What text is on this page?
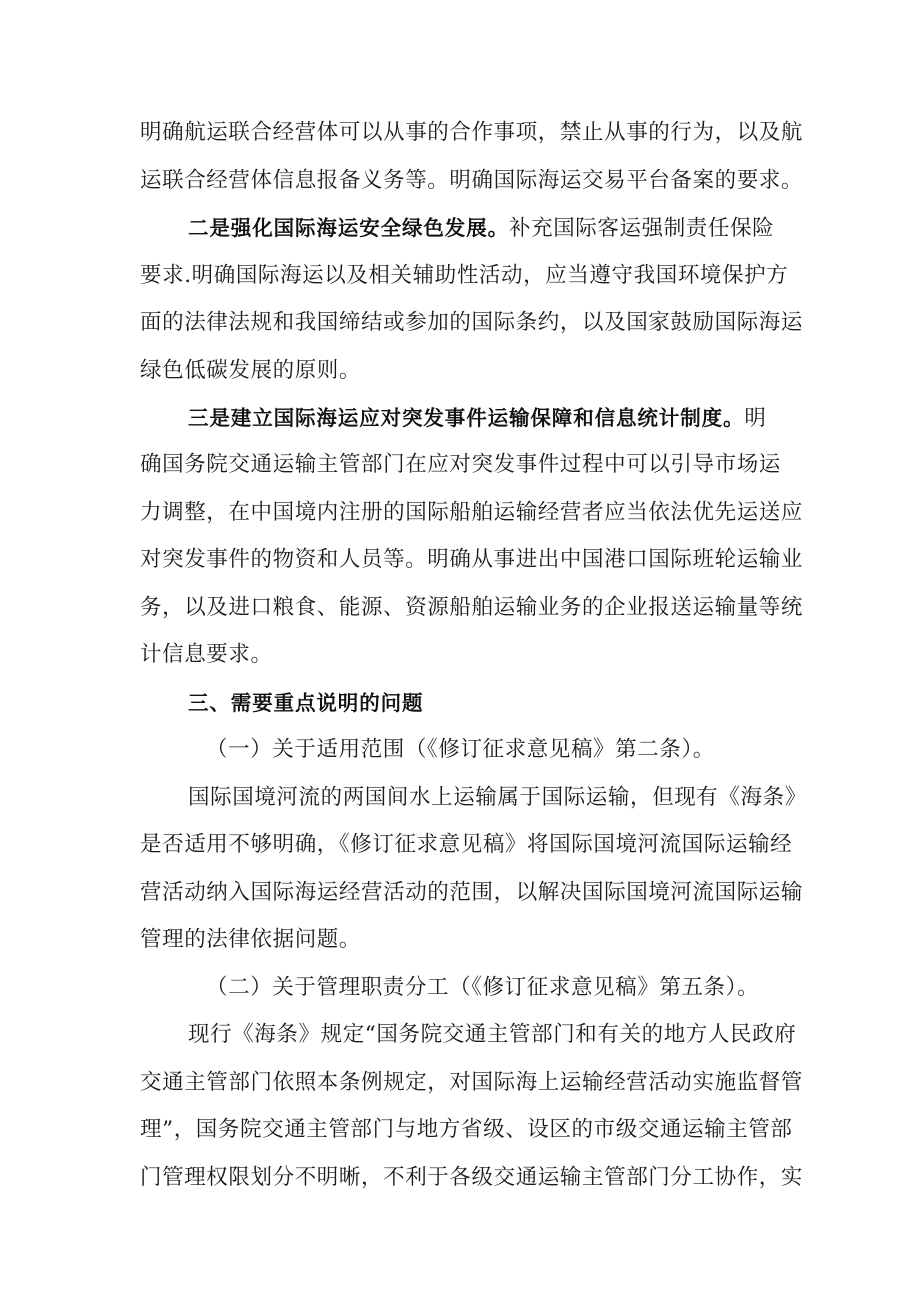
明确航运联合经营体可以从事的合作事项，禁止从事的行为，以及航
运联合经营体信息报备义务等。明确国际海运交易平台备案的要求。
二是强化国际海运安全绿色发展。补充国际客运强制责任保险
要求.明确国际海运以及相关辅助性活动，应当遵守我国环境保护方
面的法律法规和我国缔结或参加的国际条约，以及国家鼓励国际海运
绿色低碳发展的原则。
三是建立国际海运应对突发事件运输保障和信息统计制度。明
确国务院交通运输主管部门在应对突发事件过程中可以引导市场运
力调整，在中国境内注册的国际船舶运输经营者应当依法优先运送应
对突发事件的物资和人员等。明确从事进出中国港口国际班轮运输业
务，以及进口粮食、能源、资源船舶运输业务的企业报送运输量等统
计信息要求。
三、需要重点说明的问题
（一）关于适用范围（《修订征求意见稿》第二条）。
国际国境河流的两国间水上运输属于国际运输，但现有《海条》
是否适用不够明确，《修订征求意见稿》将国际国境河流国际运输经
营活动纳入国际海运经营活动的范围，以解决国际国境河流国际运输
管理的法律依据问题。
（二）关于管理职责分工（《修订征求意见稿》第五条）。
现行《海条》规定“国务院交通主管部门和有关的地方人民政府
交通主管部门依照本条例规定，对国际海上运输经营活动实施监督管
理”，国务院交通主管部门与地方省级、设区的市级交通运输主管部
门管理权限划分不明晰，不利于各级交通运输主管部门分工协作，实
